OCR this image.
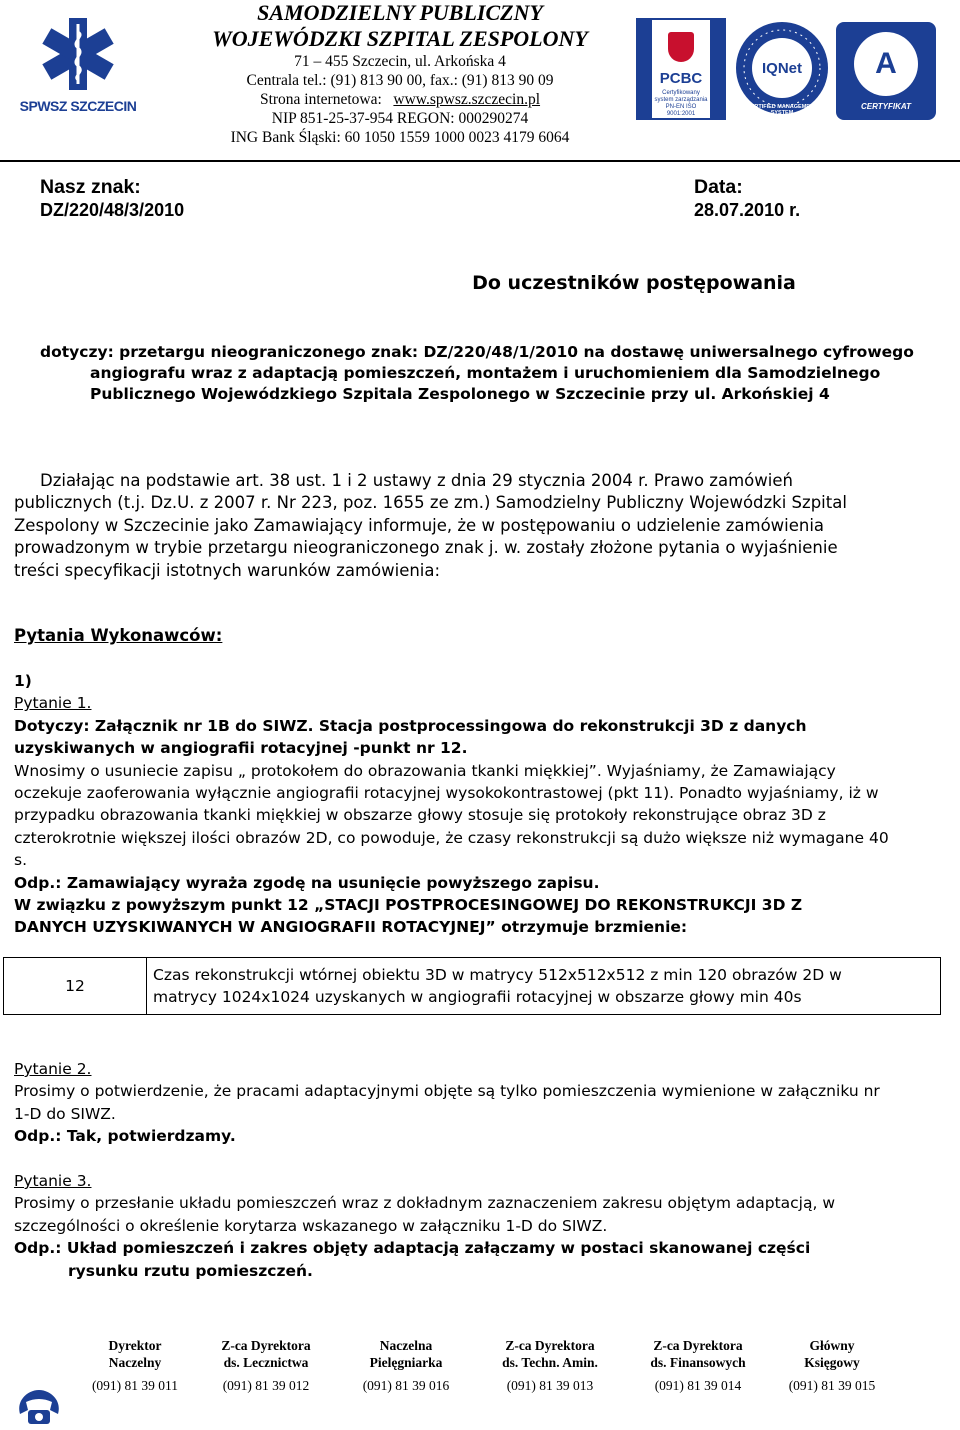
SPWSZ SZCZECIN
SAMODZIELNY PUBLICZNY
WOJEWÓDZKI SZPITAL ZESPOLONY
71 – 455 Szczecin, ul. Arkońska 4
Centrala tel.: (91) 813 90 00, fax.: (91) 813 90 09
Strona internetowa: www.spwsz.szczecin.pl
NIP 851-25-37-954 REGON: 000290274
ING Bank Śląski: 60 1050 1559 1000 0023 4179 6064
PCBC
Certyfikowany system zarządzania PN-EN ISO 9001:2001
IQNet
CERTIFIED MANAGEMENT SYSTEM
A
CERTYFIKAT
Nasz znak:
DZ/220/48/3/2010
Data:
28.07.2010 r.
Do uczestników postępowania
dotyczy: przetargu nieograniczonego znak: DZ/220/48/1/2010 na dostawę uniwersalnego cyfrowego
angiografu wraz z adaptacją pomieszczeń, montażem i uruchomieniem dla Samodzielnego
Publicznego Wojewódzkiego Szpitala Zespolonego w Szczecinie przy ul. Arkońskiej 4
Działając na podstawie art. 38 ust. 1 i 2 ustawy z dnia 29 stycznia 2004 r. Prawo zamówień
publicznych (t.j. Dz.U. z 2007 r. Nr 223, poz. 1655 ze zm.) Samodzielny Publiczny Wojewódzki Szpital
Zespolony w Szczecinie jako Zamawiający informuje, że w postępowaniu o udzielenie zamówienia
prowadzonym w trybie przetargu nieograniczonego znak j. w. zostały złożone pytania o wyjaśnienie
treści specyfikacji istotnych warunków zamówienia:
Pytania Wykonawców:
1)
Pytanie 1.
Dotyczy: Załącznik nr 1B do SIWZ. Stacja postprocessingowa do rekonstrukcji 3D z danych
uzyskiwanych w angiografii rotacyjnej -punkt nr 12.
Wnosimy o usuniecie zapisu „ protokołem do obrazowania tkanki miękkiej”. Wyjaśniamy, że Zamawiający
oczekuje zaoferowania wyłącznie angiografii rotacyjnej wysokokontrastowej (pkt 11). Ponadto wyjaśniamy, iż w
przypadku obrazowania tkanki miękkiej w obszarze głowy stosuje się protokoły rekonstrujące obraz 3D z
czterokrotnie większej ilości obrazów 2D, co powoduje, że czasy rekonstrukcji są dużo większe niż wymagane 40
s.
Odp.: Zamawiający wyraża zgodę na usunięcie powyższego zapisu.
W związku z powyższym punkt 12 „STACJI POSTPROCESINGOWEJ DO REKONSTRUKCJI 3D Z
DANYCH UZYSKIWANYCH W ANGIOGRAFII ROTACYJNEJ” otrzymuje brzmienie:
12	
Czas rekonstrukcji wtórnej obiektu 3D w matrycy 512x512x512 z min 120 obrazów 2D w
matrycy 1024x1024 uzyskanych w angiografii rotacyjnej w obszarze głowy min 40s
Pytanie 2.
Prosimy o potwierdzenie, że pracami adaptacyjnymi objęte są tylko pomieszczenia wymienione w załączniku nr
1-D do SIWZ.
Odp.: Tak, potwierdzamy.
Pytanie 3.
Prosimy o przesłanie układu pomieszczeń wraz z dokładnym zaznaczeniem zakresu objętym adaptacją, w
szczególności o określenie korytarza wskazanego w załączniku 1-D do SIWZ.
Odp.: Układ pomieszczeń i zakres objęty adaptacją załączamy w postaci skanowanej części
rysunku rzutu pomieszczeń.
Dyrektor
Naczelny
(091) 81 39 011
Z-ca Dyrektora
ds. Lecznictwa
(091) 81 39 012
Naczelna
Pielęgniarka
(091) 81 39 016
Z-ca Dyrektora
ds. Techn. Amin.
(091) 81 39 013
Z-ca Dyrektora
ds. Finansowych
(091) 81 39 014
Główny
Księgowy
(091) 81 39 015
